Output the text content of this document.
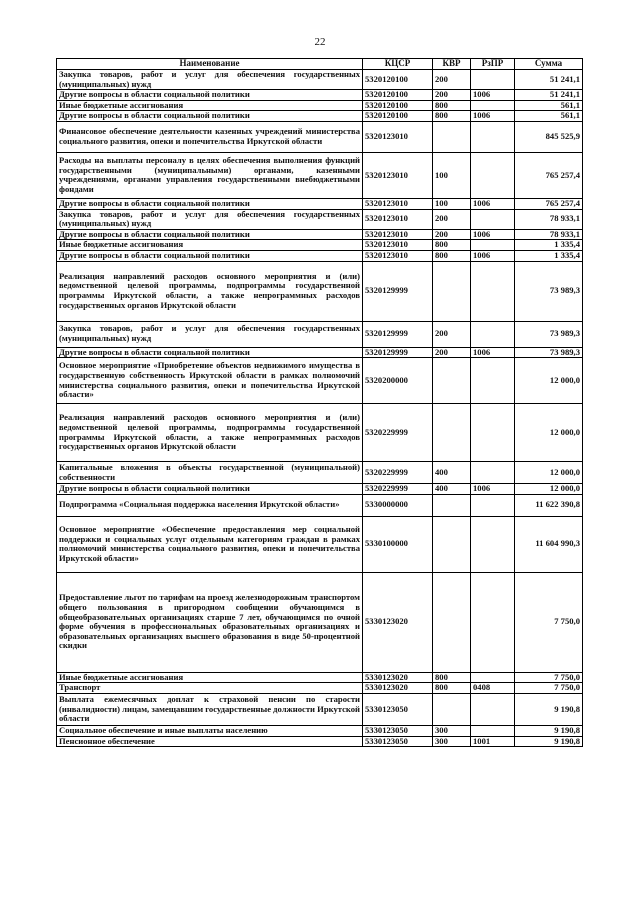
22
Наименование	КЦСР	КВР	РзПР	Сумма
Закупка товаров, работ и услуг для обеспечения государственных (муниципальных) нужд	5320120100	200		51 241,1
Другие вопросы в области социальной политики	5320120100	200	1006	51 241,1
Иные бюджетные ассигнования	5320120100	800		561,1
Другие вопросы в области социальной политики	5320120100	800	1006	561,1
Финансовое обеспечение деятельности казенных учреждений министерства социального развития, опеки и попечительства Иркутской области	5320123010			845 525,9
Расходы на выплаты персоналу в целях обеспечения выполнения функций государственными (муниципальными) органами, казенными учреждениями, органами управления государственными внебюджетными фондами	5320123010	100		765 257,4
Другие вопросы в области социальной политики	5320123010	100	1006	765 257,4
Закупка товаров, работ и услуг для обеспечения государственных (муниципальных) нужд	5320123010	200		78 933,1
Другие вопросы в области социальной политики	5320123010	200	1006	78 933,1
Иные бюджетные ассигнования	5320123010	800		1 335,4
Другие вопросы в области социальной политики	5320123010	800	1006	1 335,4
Реализация направлений расходов основного мероприятия и (или) ведомственной целевой программы, подпрограммы государственной программы Иркутской области, а также непрограммных расходов государственных органов Иркутской области	5320129999			73 989,3
Закупка товаров, работ и услуг для обеспечения государственных (муниципальных) нужд	5320129999	200		73 989,3
Другие вопросы в области социальной политики	5320129999	200	1006	73 989,3
Основное мероприятие «Приобретение объектов недвижимого имущества в государственную собственность Иркутской области в рамках полномочий министерства социального развития, опеки и попечительства Иркутской области»	5320200000			12 000,0
Реализация направлений расходов основного мероприятия и (или) ведомственной целевой программы, подпрограммы государственной программы Иркутской области, а также непрограммных расходов государственных органов Иркутской области	5320229999			12 000,0
Капитальные вложения в объекты государственной (муниципальной) собственности	5320229999	400		12 000,0
Другие вопросы в области социальной политики	5320229999	400	1006	12 000,0
Подпрограмма «Социальная поддержка населения Иркутской области»	5330000000			11 622 390,8
Основное мероприятие «Обеспечение предоставления мер социальной поддержки и социальных услуг отдельным категориям граждан в рамках полномочий министерства социального развития, опеки и попечительства Иркутской области»	5330100000			11 604 990,3
Предоставление льгот по тарифам на проезд железнодорожным транспортом общего пользования в пригородном сообщении обучающимся в общеобразовательных организациях старше 7 лет, обучающимся по очной форме обучения в профессиональных образовательных организациях и образовательных организациях высшего образования в виде 50-процентной скидки	5330123020			7 750,0
Иные бюджетные ассигнования	5330123020	800		7 750,0
Транспорт	5330123020	800	0408	7 750,0
Выплата ежемесячных доплат к страховой пенсии по старости (инвалидности) лицам, замещавшим государственные должности Иркутской области	5330123050			9 190,8
Социальное обеспечение и иные выплаты населению	5330123050	300		9 190,8
Пенсионное обеспечение	5330123050	300	1001	9 190,8
